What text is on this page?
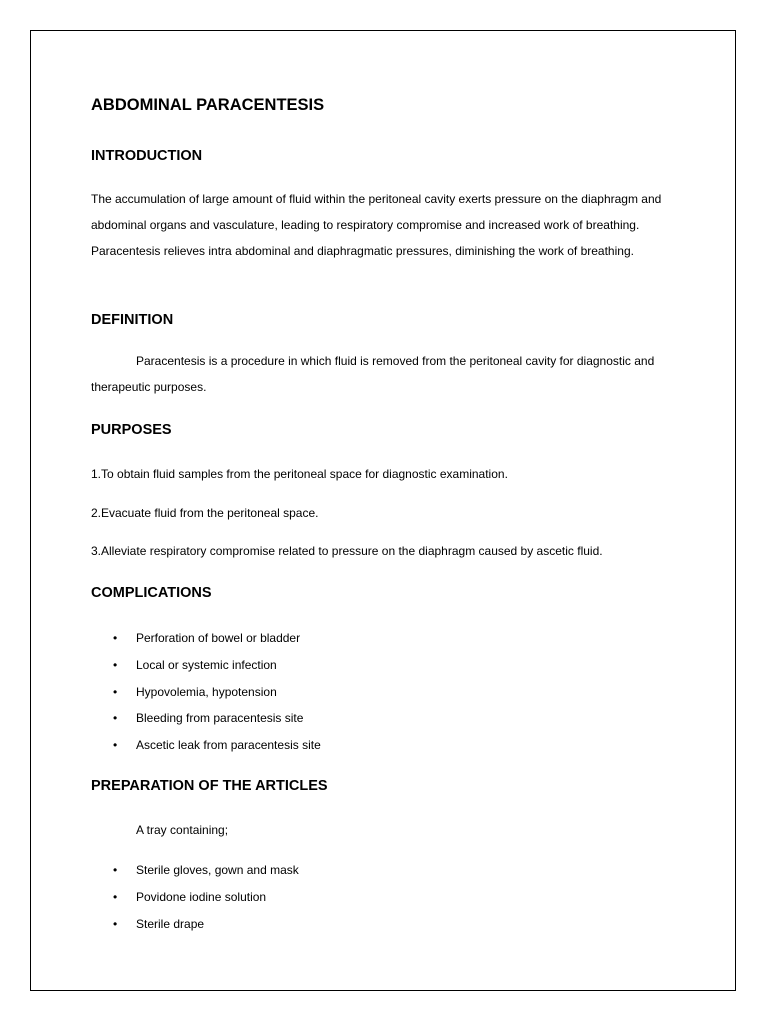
ABDOMINAL PARACENTESIS
INTRODUCTION
The accumulation of large amount of fluid within the peritoneal cavity exerts pressure on the diaphragm and abdominal organs and vasculature, leading to respiratory compromise and increased work of breathing. Paracentesis relieves intra abdominal and diaphragmatic pressures, diminishing the work of breathing.
DEFINITION
Paracentesis is a procedure in which fluid is removed from the peritoneal cavity for diagnostic and therapeutic purposes.
PURPOSES
1.To obtain fluid samples from the peritoneal space for diagnostic examination.
2.Evacuate fluid from the peritoneal space.
3.Alleviate respiratory compromise related to pressure on the diaphragm caused by ascetic fluid.
COMPLICATIONS
• Perforation of bowel or bladder
• Local or systemic infection
• Hypovolemia, hypotension
• Bleeding from paracentesis site
• Ascetic leak from paracentesis site
PREPARATION OF THE ARTICLES
A tray containing;
• Sterile gloves, gown and mask
• Povidone iodine solution
• Sterile drape
